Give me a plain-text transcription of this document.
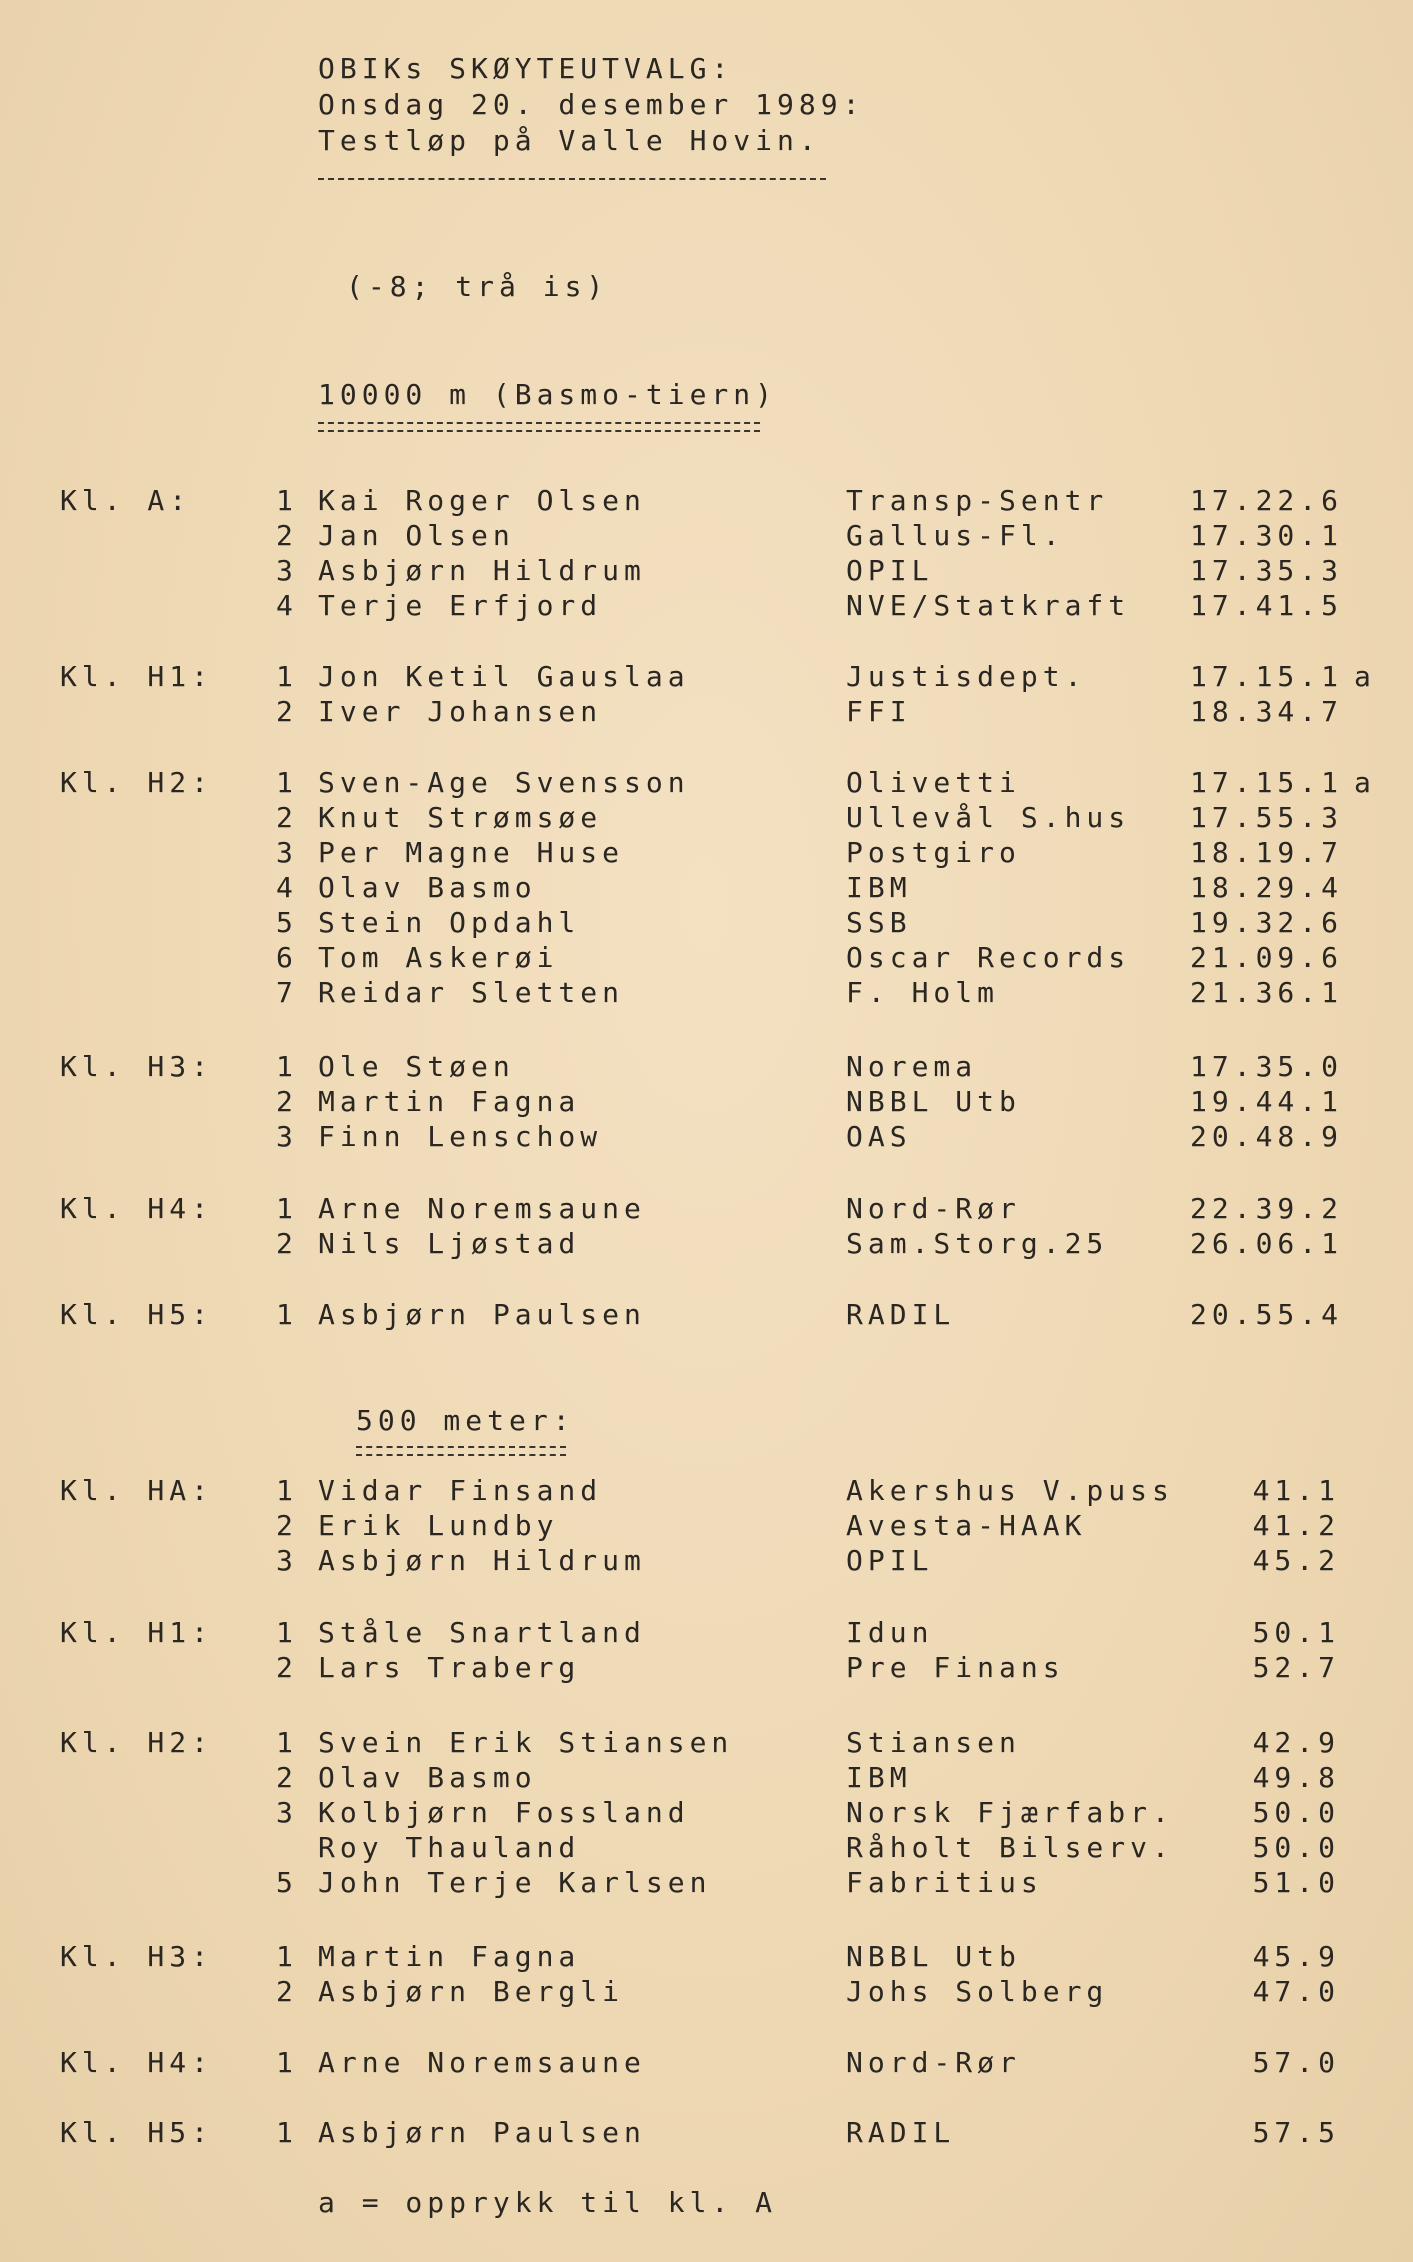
OBIKs SKØYTEUTVALG:
Onsdag 20. desember 1989:
Testløp på Valle Hovin.
(-8; trå is)
10000 m (Basmo-tiern)
Kl. A:	1 Kai Roger Olsen	Transp-Sentr	17.22.6
2 Jan Olsen	Gallus-Fl.	17.30.1
3 Asbjørn Hildrum	OPIL	17.35.3
4 Terje Erfjord	NVE/Statkraft 17.41.5
Kl. H1: 1 Jon Ketil Gauslaa	Justisdept.	17.15.1 a
2 Iver Johansen	FFI	18.34.7
Kl. H2: 1 Sven-Age Svensson	Olivetti	17.15.1 a
2 Knut Strømsøe	Ullevål S.hus 17.55.3
3 Per Magne Huse	Postgiro	18.19.7
4 Olav Basmo	IBM	18.29.4
5 Stein Opdahl	SSB	19.32.6
6 Tom Askerøi	Oscar Records 21.09.6
7 Reidar Sletten	F. Holm	21.36.1
Kl. H3: 1 Ole Støen	Norema	17.35.0
2 Martin Fagna	NBBL Utb	19.44.1
3 Finn Lenschow	OAS	20.48.9
Kl. H4: 1 Arne Noremsaune	Nord-Rør	22.39.2
2 Nils Ljøstad	Sam.Storg.25	26.06.1
Kl. H5: 1 Asbjørn Paulsen	RADIL	20.55.4
500 meter:
Kl. HA: 1 Vidar Finsand	Akershus V.puss	41.1
2 Erik Lundby	Avesta-HAAK	41.2
3 Asbjørn Hildrum	OPIL	45.2
Kl. H1: 1 Ståle Snartland	Idun	50.1
2 Lars Traberg	Pre Finans	52.7
Kl. H2: 1 Svein Erik Stiansen	Stiansen	42.9
2 Olav Basmo	IBM	49.8
3 Kolbjørn Fossland	Norsk Fjærfabr.	50.0
Roy Thauland	Råholt Bilserv.	50.0
5 John Terje Karlsen	Fabritius	51.0
Kl. H3: 1 Martin Fagna	NBBL Utb	45.9
2 Asbjørn Bergli	Johs Solberg	47.0
Kl. H4: 1 Arne Noremsaune	Nord-Rør	57.0
Kl. H5: 1 Asbjørn Paulsen	RADIL	57.5
a = opprykk til kl. A
